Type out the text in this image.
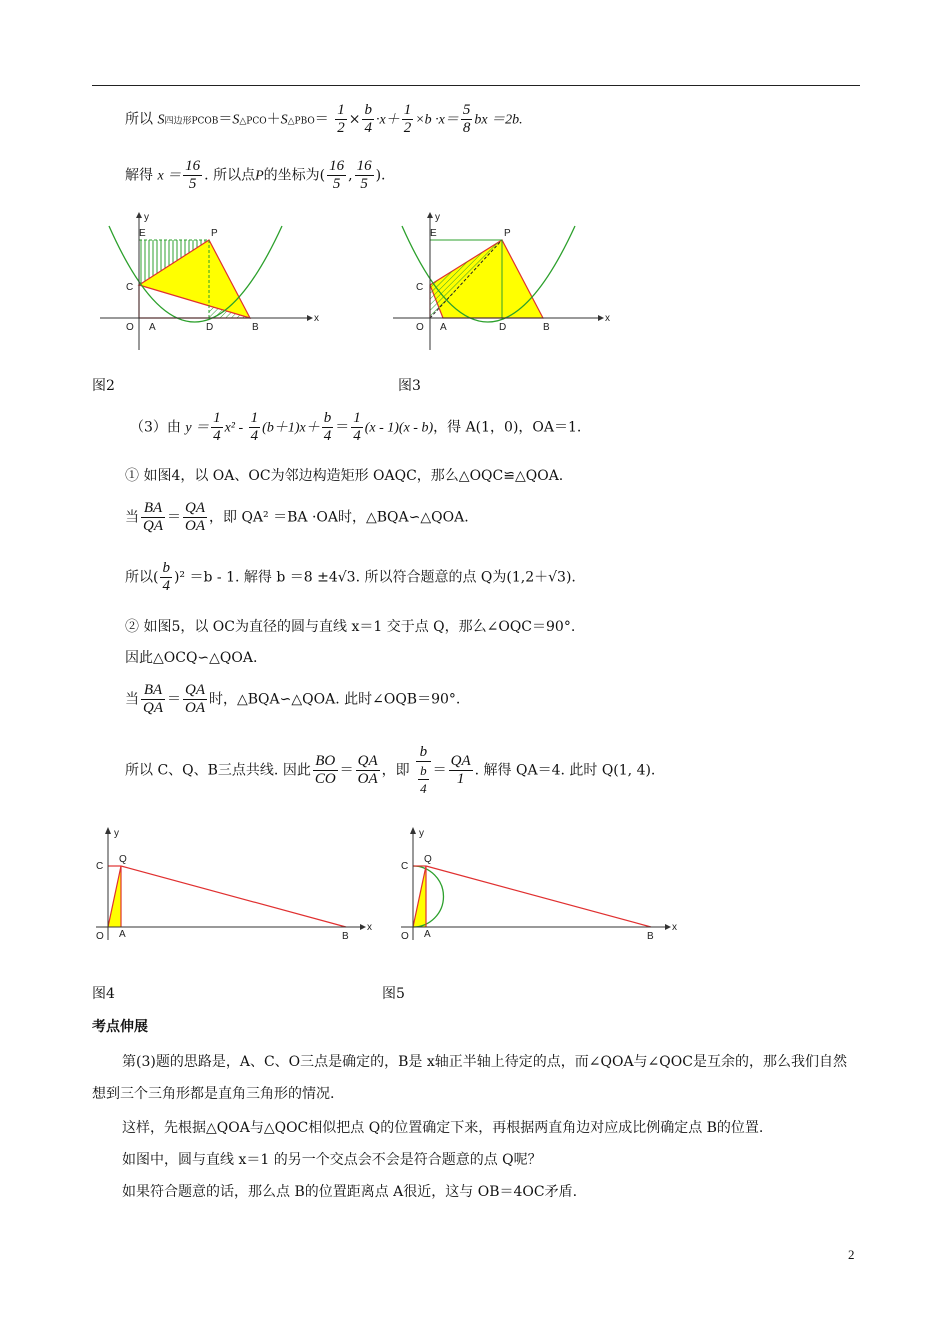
所以 S四边形PCOB＝S△PCO＋S△PBO＝ $\frac{1}{2} \times \frac{b}{4} \cdot x+ \frac{1}{2} \times b \cdot x= \frac{5}{8}$ bx ＝2b.
解得 $x = \frac{16}{5}$ . 所以点P的坐标为( $\frac{16}{5}$ , $\frac{16}{5}$ ).
y
x
E	P
C
O A	D	B
y
x
E	P
C
O A	D	B
图2	图3
（3）由 $y = \frac{1}{4} x^2 - \frac{1}{4} (b+1)x+ \frac{b}{4} = \frac{1}{4} (x - 1)(x - b)$，得 A(1，0)，OA＝1.
① 如图4，以 OA、OC为邻边构造矩形 OAQC，那么△OQC≌△QOA.
当 $\frac{BA}{QA} = \frac{QA}{OA}$ ，即 QA² ＝BA ·OA时，△BQA∽△QOA.
所以( $\frac{b}{4} )^2 =b - 1$. 解得 b ＝8 ±4√3. 所以符合题意的点 Q为(1,2＋√3).
② 如图5，以 OC为直径的圆与直线 x＝1 交于点 Q，那么∠OQC＝90°.
因此△OCQ∽△QOA.
当 $\frac{BA}{QA} = \frac{QA}{OA}$ 时，△BQA∽△QOA. 此时∠OQB＝90°.
所以 C、Q、B三点共线. 因此 $\frac{BO}{CO} = \frac{QA}{OA}$ ，即 $\frac{b}{\frac{b}{4}} = \frac{QA}{1}$ . 解得 QA＝4. 此时 Q(1, 4).
y
x
C
Q
O A	B
y
x
C
Q
O A	B
图4	图5
考点伸展
第(3)题的思路是，A、C、O三点是确定的，B是 x轴正半轴上待定的点，而∠QOA与∠QOC是互余的，那么我们自然想到三个三角形都是直角三角形的情况.
这样，先根据△QOA与△QOC相似把点 Q的位置确定下来，再根据两直角边对应成比例确定点 B的位置.
如图中，圆与直线 x＝1 的另一个交点会不会是符合题意的点 Q呢？
如果符合题意的话，那么点 B的位置距离点 A很近，这与 OB＝4OC矛盾.
2
